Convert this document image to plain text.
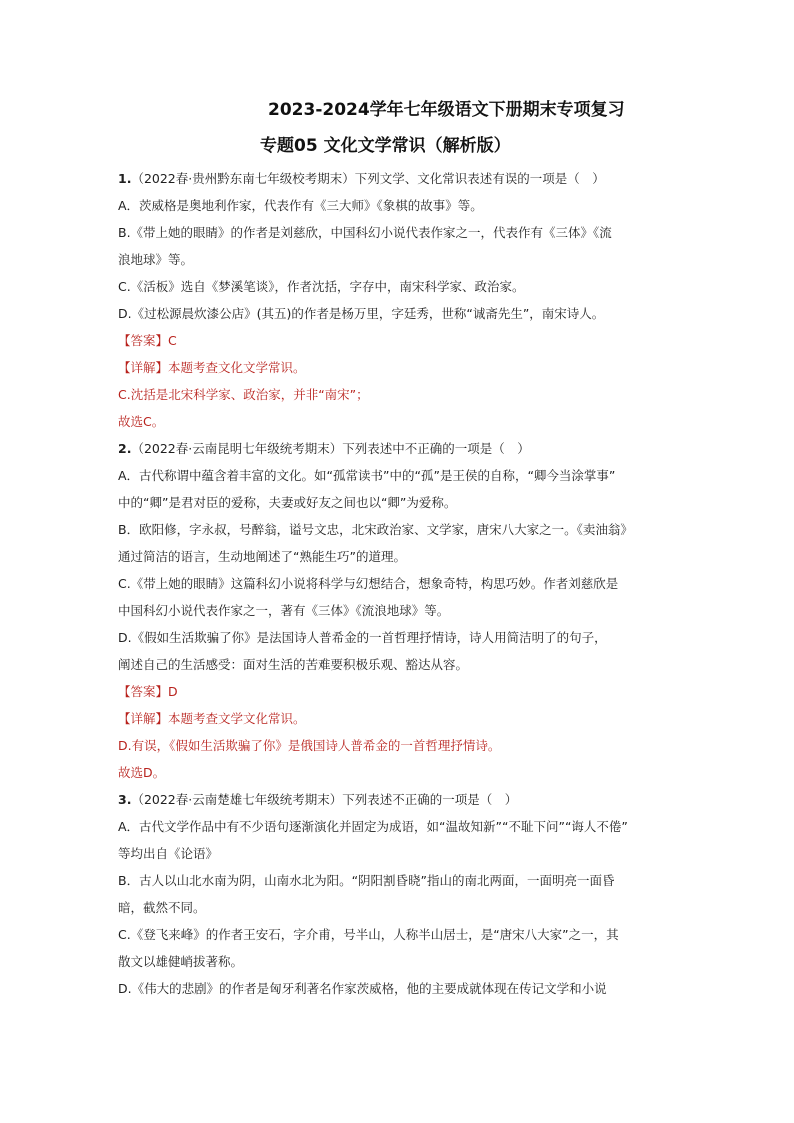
2023-2024学年七年级语文下册期末专项复习
专题05 文化文学常识（解析版）
1.（2022春·贵州黔东南七年级校考期末）下列文学、文化常识表述有误的一项是（　）
A．茨威格是奥地利作家，代表作有《三大师》《象棋的故事》等。
B.《带上她的眼睛》的作者是刘慈欣，中国科幻小说代表作家之一，代表作有《三体》《流
浪地球》等。
C.《活板》选自《梦溪笔谈》，作者沈括，字存中，南宋科学家、政治家。
D.《过松源晨炊漆公店》(其五)的作者是杨万里，字廷秀，世称“诚斋先生”，南宋诗人。
【答案】C
【详解】本题考查文化文学常识。
C.沈括是北宋科学家、政治家，并非“南宋”；
故选C。
2.（2022春·云南昆明七年级统考期末）下列表述中不正确的一项是（　）
A．古代称谓中蕴含着丰富的文化。如“孤常读书”中的“孤”是王侯的自称，“卿今当涂掌事”
中的“卿”是君对臣的爱称，夫妻或好友之间也以“卿”为爱称。
B．欧阳修，字永叔，号醉翁，谥号文忠，北宋政治家、文学家，唐宋八大家之一。《卖油翁》
通过简洁的语言，生动地阐述了“熟能生巧”的道理。
C.《带上她的眼睛》这篇科幻小说将科学与幻想结合，想象奇特，构思巧妙。作者刘慈欣是
中国科幻小说代表作家之一，著有《三体》《流浪地球》等。
D.《假如生活欺骗了你》是法国诗人普希金的一首哲理抒情诗，诗人用简洁明了的句子，
阐述自己的生活感受：面对生活的苦难要积极乐观、豁达从容。
【答案】D
【详解】本题考查文学文化常识。
D.有误，《假如生活欺骗了你》是俄国诗人普希金的一首哲理抒情诗。
故选D。
3.（2022春·云南楚雄七年级统考期末）下列表述不正确的一项是（　）
A．古代文学作品中有不少语句逐渐演化并固定为成语，如“温故知新”“不耻下问”“诲人不倦”
等均出自《论语》
B．古人以山北水南为阴，山南水北为阳。“阴阳割昏晓”指山的南北两面，一面明亮一面昏
暗，截然不同。
C.《登飞来峰》的作者王安石，字介甫，号半山，人称半山居士，是“唐宋八大家”之一，其
散文以雄健峭拔著称。
D.《伟大的悲剧》的作者是匈牙利著名作家茨威格，他的主要成就体现在传记文学和小说
